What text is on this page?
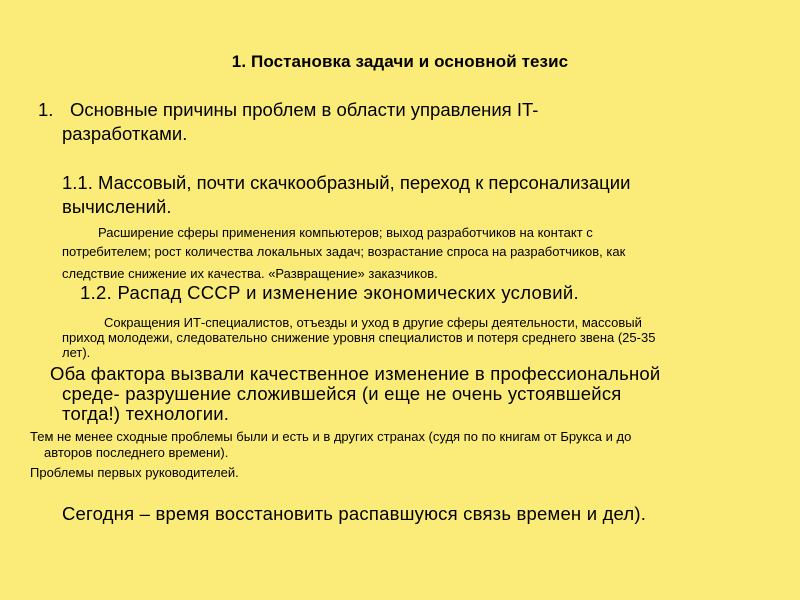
1. Постановка задачи и основной тезис
1. Основные причины проблем в области управления IT-
разработками.
1.1. Массовый, почти скачкообразный, переход к персонализации
вычислений.
Расширение сферы применения компьютеров; выход разработчиков на контакт с
потребителем; рост количества локальных задач; возрастание спроса на разработчиков, как
следствие снижение их качества. «Развращение» заказчиков.
1.2. Распад СССР и изменение экономических условий.
Сокращения ИТ-специалистов, отъезды и уход в другие сферы деятельности, массовый
приход молодежи, следовательно снижение уровня специалистов и потеря среднего звена (25-35
лет).
Оба фактора вызвали качественное изменение в профессиональной
среде- разрушение сложившейся (и еще не очень устоявшейся
тогда!) технологии.
Тем не менее сходные проблемы были и есть и в других странах (судя по по книгам от Брукса и до
авторов последнего времени).
Проблемы первых руководителей.
Сегодня – время восстановить распавшуюся связь времен и дел).
